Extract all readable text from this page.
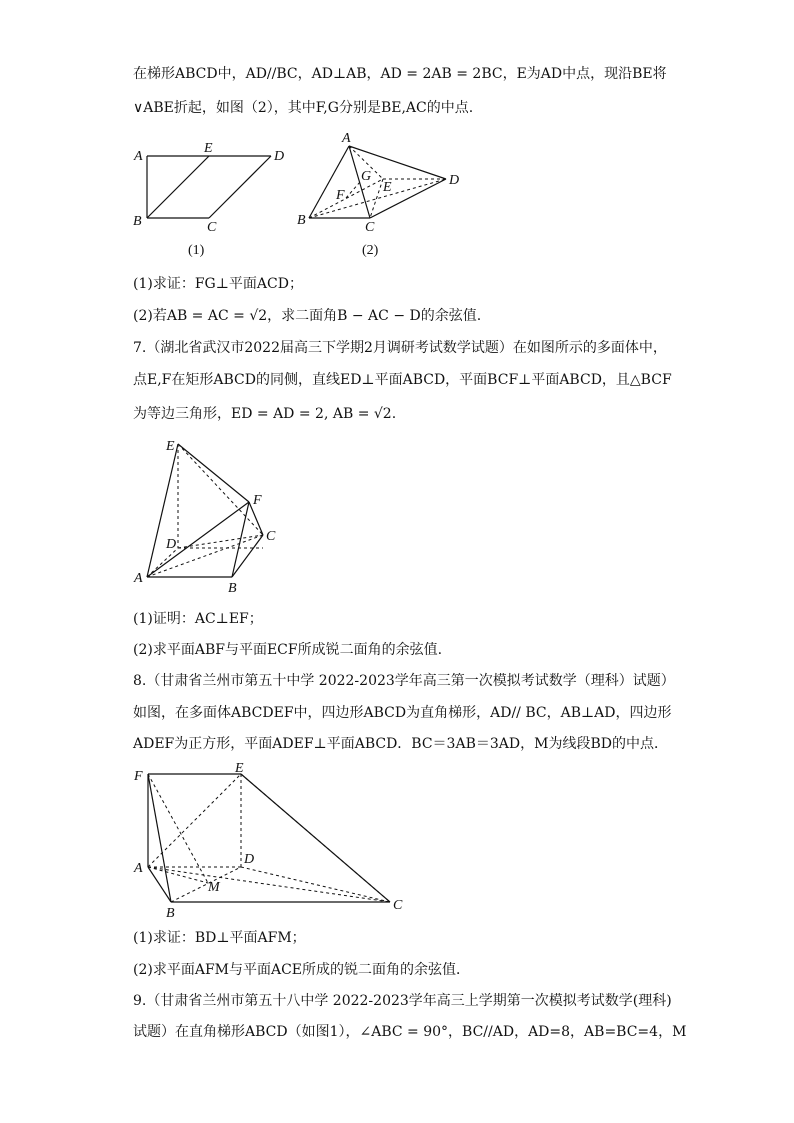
在梯形ABCD中，AD//BC，AD⊥AB，AD = 2AB = 2BC，E为AD中点，现沿BE将
∨ABE折起，如图（2），其中F,G分别是BE,AC的中点.
A
E
D
B	C
(1)
A
G
E
F
D
B	C
(2)
(1)求证：FG⊥平面ACD；
(2)若AB = AC = √2，求二面角B − AC − D的余弦值.
7.（湖北省武汉市2022届高三下学期2月调研考试数学试题）在如图所示的多面体中，
点E,F在矩形ABCD的同侧，直线ED⊥平面ABCD，平面BCF⊥平面ABCD，且△BCF
为等边三角形，ED = AD = 2, AB = √2.
E
F
D
C
A
B
(1)证明：AC⊥EF；
(2)求平面ABF与平面ECF所成锐二面角的余弦值.
8.（甘肃省兰州市第五十中学 2022-2023学年高三第一次模拟考试数学（理科）试题）
如图，在多面体ABCDEF中，四边形ABCD为直角梯形，AD// BC，AB⊥AD，四边形
ADEF为正方形，平面ADEF⊥平面ABCD．BC＝3AB＝3AD，M为线段BD的中点．
F
E
D
A
M
B
C
(1)求证：BD⊥平面AFM；
(2)求平面AFM与平面ACE所成的锐二面角的余弦值．
9.（甘肃省兰州市第五十八中学 2022-2023学年高三上学期第一次模拟考试数学(理科)
试题）在直角梯形ABCD（如图1），∠ABC = 90°，BC//AD，AD=8，AB=BC=4，M
